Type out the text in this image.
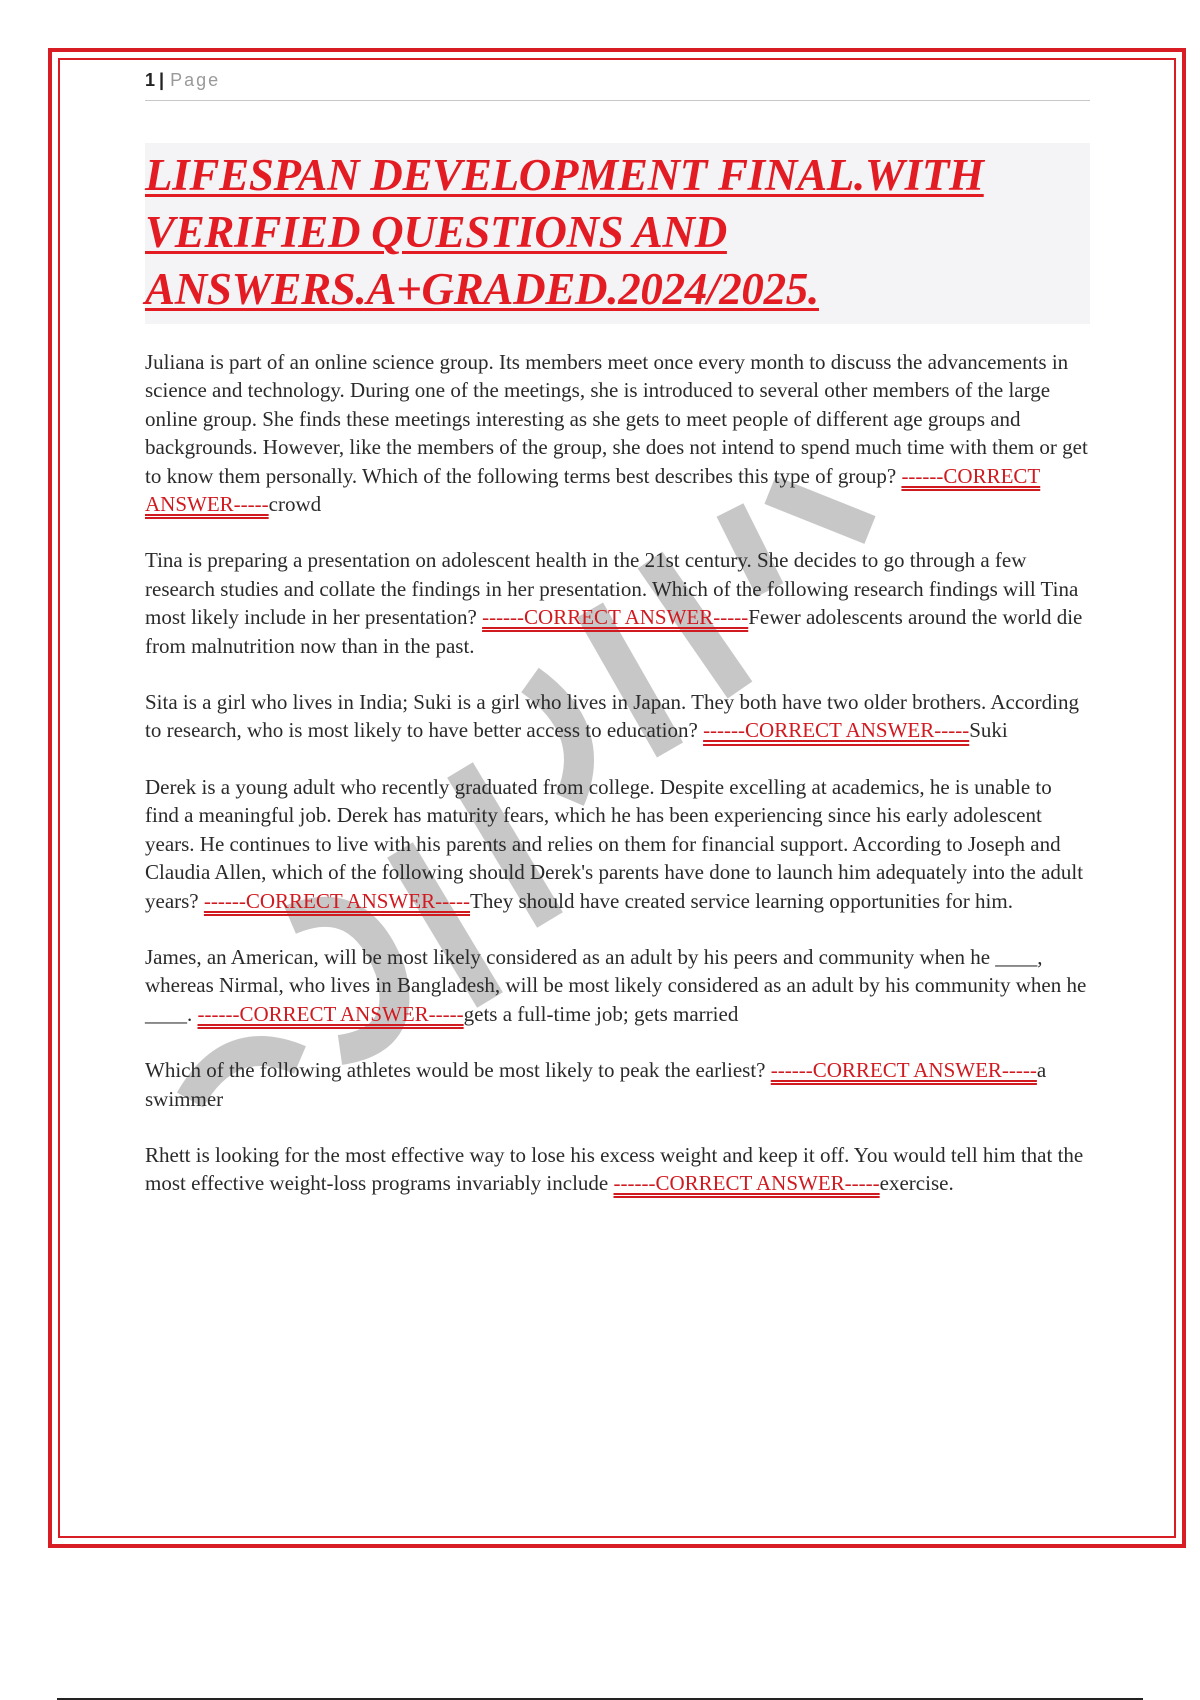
1 | Page
LIFESPAN DEVELOPMENT FINAL.WITH VERIFIED QUESTIONS AND ANSWERS.A+GRADED.2024/2025.

Juliana is part of an online science group. Its members meet once every month to discuss the advancements in science and technology. During one of the meetings, she is introduced to several other members of the large online group. She finds these meetings interesting as she gets to meet people of different age groups and backgrounds. However, like the members of the group, she does not intend to spend much time with them or get to know them personally. Which of the following terms best describes this type of group? ------CORRECT ANSWER-----crowd

Tina is preparing a presentation on adolescent health in the 21st century. She decides to go through a few research studies and collate the findings in her presentation. Which of the following research findings will Tina most likely include in her presentation? ------CORRECT ANSWER-----Fewer adolescents around the world die from malnutrition now than in the past.

Sita is a girl who lives in India; Suki is a girl who lives in Japan. They both have two older brothers. According to research, who is most likely to have better access to education? ------CORRECT ANSWER-----Suki

Derek is a young adult who recently graduated from college. Despite excelling at academics, he is unable to find a meaningful job. Derek has maturity fears, which he has been experiencing since his early adolescent years. He continues to live with his parents and relies on them for financial support. According to Joseph and Claudia Allen, which of the following should Derek's parents have done to launch him adequately into the adult years? ------CORRECT ANSWER-----They should have created service learning opportunities for him.

James, an American, will be most likely considered as an adult by his peers and community when he ____, whereas Nirmal, who lives in Bangladesh, will be most likely considered as an adult by his community when he ____. ------CORRECT ANSWER-----gets a full-time job; gets married

Which of the following athletes would be most likely to peak the earliest? ------CORRECT ANSWER-----a swimmer

Rhett is looking for the most effective way to lose his excess weight and keep it off. You would tell him that the most effective weight-loss programs invariably include ------CORRECT ANSWER-----exercise.
